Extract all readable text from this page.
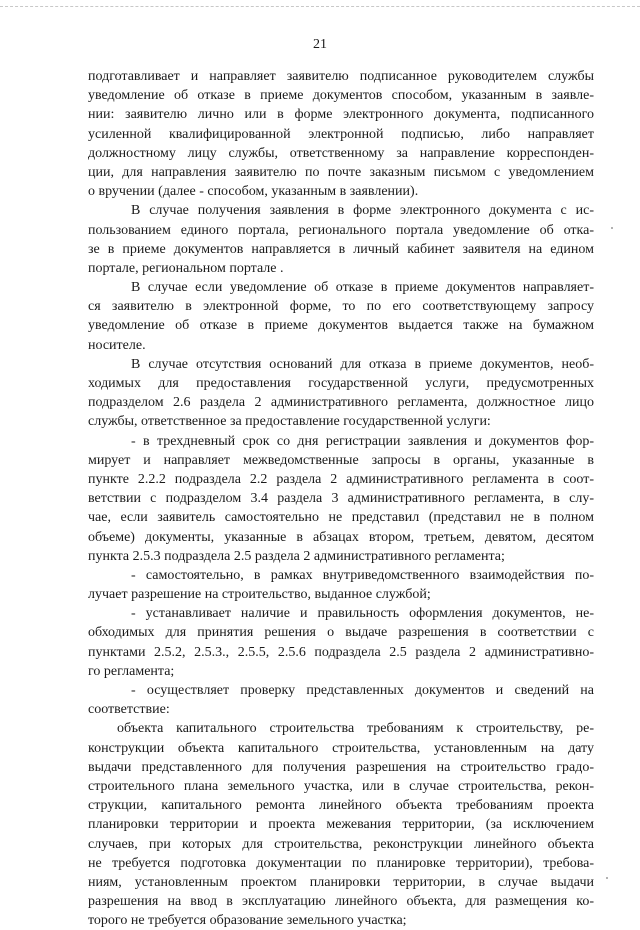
21
подготавливает и направляет заявителю подписанное руководителем службы
уведомление об отказе в приеме документов способом, указанным в заявле-
нии: заявителю лично или в форме электронного документа, подписанного
усиленной квалифицированной электронной подписью, либо направляет
должностному лицу службы, ответственному за направление корреспонден-
ции, для направления заявителю по почте заказным письмом с уведомлением
о вручении (далее - способом, указанным в заявлении).
В случае получения заявления в форме электронного документа с ис-
пользованием единого портала, регионального портала уведомление об отка-
зе в приеме документов направляется в личный кабинет заявителя на едином
портале, региональном портале .
В случае если уведомление об отказе в приеме документов направляет-
ся заявителю в электронной форме, то по его соответствующему запросу
уведомление об отказе в приеме документов выдается также на бумажном
носителе.
В случае отсутствия оснований для отказа в приеме документов, необ-
ходимых для предоставления государственной услуги, предусмотренных
подразделом 2.6 раздела 2 административного регламента, должностное лицо
службы, ответственное за предоставление государственной услуги:
- в трехдневный срок со дня регистрации заявления и документов фор-
мирует и направляет межведомственные запросы в органы, указанные в
пункте 2.2.2 подраздела 2.2 раздела 2 административного регламента в соот-
ветствии с подразделом 3.4 раздела 3 административного регламента, в слу-
чае, если заявитель самостоятельно не представил (представил не в полном
объеме) документы, указанные в абзацах втором, третьем, девятом, десятом
пункта 2.5.3 подраздела 2.5 раздела 2 административного регламента;
- самостоятельно, в рамках внутриведомственного взаимодействия по-
лучает разрешение на строительство, выданное службой;
- устанавливает наличие и правильность оформления документов, не-
обходимых для принятия решения о выдаче разрешения в соответствии с
пунктами 2.5.2, 2.5.3., 2.5.5, 2.5.6 подраздела 2.5 раздела 2 административно-
го регламента;
- осуществляет проверку представленных документов и сведений на
соответствие:
объекта капитального строительства требованиям к строительству, ре-
конструкции объекта капитального строительства, установленным на дату
выдачи представленного для получения разрешения на строительство градо-
строительного плана земельного участка, или в случае строительства, рекон-
струкции, капитального ремонта линейного объекта требованиям проекта
планировки территории и проекта межевания территории, (за исключением
случаев, при которых для строительства, реконструкции линейного объекта
не требуется подготовка документации по планировке территории), требова-
ниям, установленным проектом планировки территории, в случае выдачи
разрешения на ввод в эксплуатацию линейного объекта, для размещения ко-
торого не требуется образование земельного участка;
